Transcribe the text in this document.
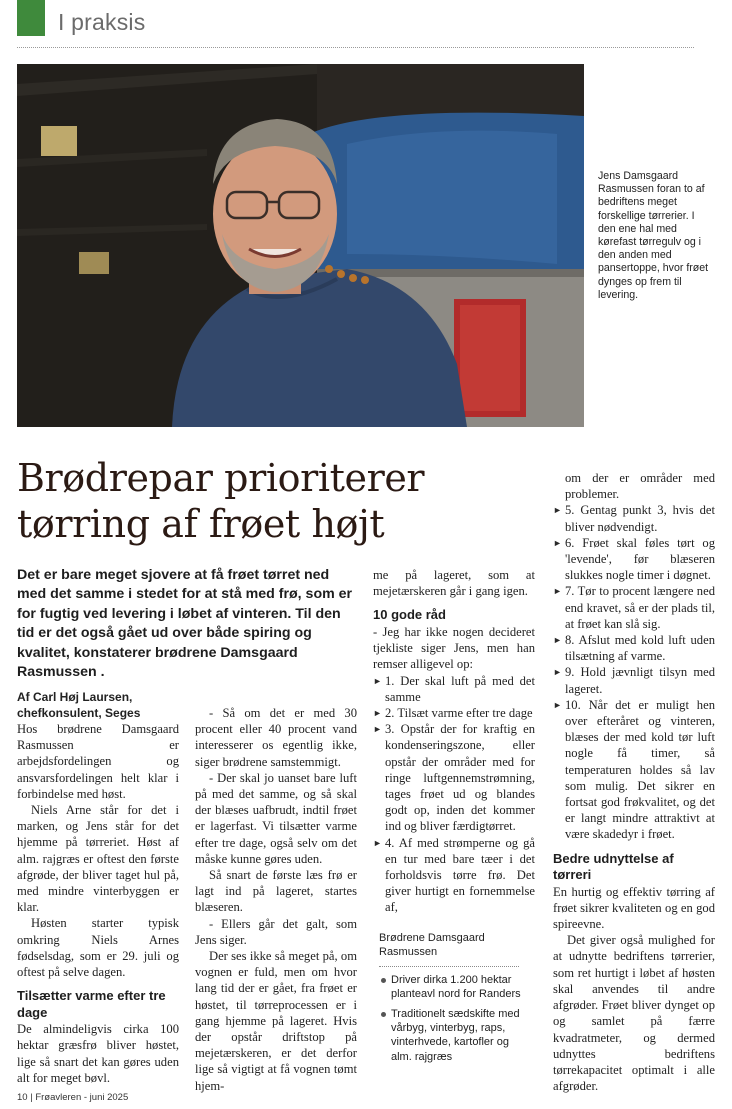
I praksis
Jens Damsgaard Rasmussen foran to af bedriftens meget forskellige tørrerier. I den ene hal med kørefast tørregulv og i den anden med pansertoppe, hvor frøet dynges op frem til levering.
Brødrepar prioriterer
tørring af frøet højt
Det er bare meget sjovere at få frøet tørret ned med det samme i stedet for at stå med frø, som er for fugtig ved levering i løbet af vinteren. Til den tid er det også gået ud over både spiring og kvalitet, konstaterer brødrene Damsgaard Rasmussen .
Af Carl Høj Laursen,
chefkonsulent, Seges

Hos brødrene Damsgaard Rasmussen er arbejdsfordelingen og ansvarsfordelingen helt klar i forbindelse med høst.

Niels Arne står for det i marken, og Jens står for det hjemme på tørreriet. Høst af alm. rajgræs er oftest den første afgrøde, der bliver taget hul på, med mindre vinterbyggen er klar.

Høsten starter typisk omkring Niels Arnes fødselsdag, som er 29. juli og oftest på selve dagen.

Tilsætter varme efter tre dage

De almindeligvis cirka 100 hektar græsfrø bliver høstet, lige så snart det kan gøres uden alt for meget bøvl.

- Så om det er med 30 procent eller 40 procent vand interesserer os egentlig ikke, siger brødrene samstemmigt.

- Der skal jo uanset bare luft på med det samme, og så skal der blæses uafbrudt, indtil frøet er lagerfast. Vi tilsætter varme efter tre dage, også selv om det måske kunne gøres uden.

Så snart de første læs frø er lagt ind på lageret, startes blæseren.

- Ellers går det galt, som Jens siger.

Der ses ikke så meget på, om vognen er fuld, men om hvor lang tid der er gået, fra frøet er høstet, til tørreprocessen er i gang hjemme på lageret. Hvis der opstår driftstop på mejetærskeren, er det derfor lige så vigtigt at få vognen tømt hjem-

me på lageret, som at mejetærskeren går i gang igen.

10 gode råd

- Jeg har ikke nogen decideret tjekliste siger Jens, men han remser alligevel op:

► 1. Der skal luft på med det samme
► 2. Tilsæt varme efter tre dage
► 3. Opstår der for kraftig en kondenseringszone, eller opstår der områder med for ringe luftgennemstrømning, tages frøet ud og blandes godt op, inden det kommer ind og bliver færdigtørret.
► 4. Af med strømperne og gå en tur med bare tæer i det forholdsvis tørre frø. Det giver hurtigt en fornemmelse af,
Brødrene Damsgaard Rasmussen
Driver dirka 1.200 hektar planteavl nord for Randers
Traditionelt sædskifte med vårbyg, vinterbyg, raps, vinterhvede, kartofler og alm. rajgræs

om der er områder med problemer.

► 5. Gentag punkt 3, hvis det bliver nødvendigt.
► 6. Frøet skal føles tørt og 'levende', før blæseren slukkes nogle timer i døgnet.
► 7. Tør to procent længere ned end kravet, så er der plads til, at frøet kan slå sig.
► 8. Afslut med kold luft uden tilsætning af varme.
► 9. Hold jævnligt tilsyn med lageret.
► 10. Når det er muligt hen over efteråret og vinteren, blæses der med kold tør luft nogle få timer, så temperaturen holdes så lav som mulig. Det sikrer en fortsat god frøkvalitet, og det er langt mindre attraktivt at være skadedyr i frøet.
Bedre udnyttelse af tørreri

En hurtig og effektiv tørring af frøet sikrer kvaliteten og en god spireevne.

Det giver også mulighed for at udnytte bedriftens tørrerier, som ret hurtigt i løbet af høsten skal anvendes til andre afgrøder. Frøet bliver dynget op og samlet på færre kvadratmeter, og dermed udnyttes bedriftens tørrekapacitet optimalt i alle afgrøder.

10 | Frøavleren - juni 2025
